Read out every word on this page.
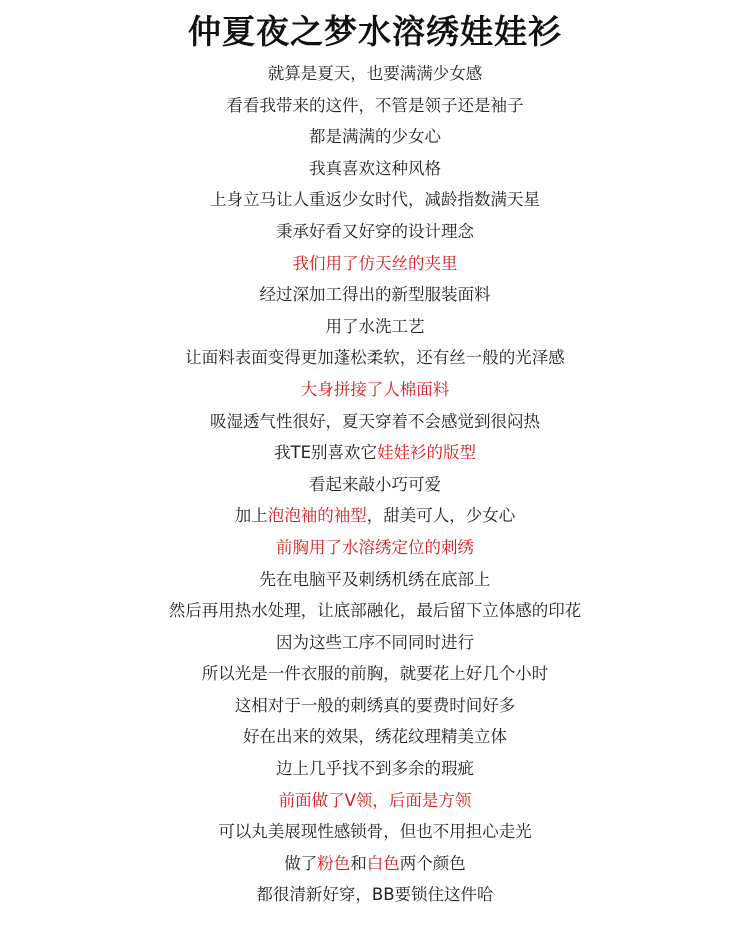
仲夏夜之梦水溶绣娃娃衫
就算是夏天，也要满满少女感
看看我带来的这件，不管是领子还是袖子
都是满满的少女心
我真喜欢这种风格
上身立马让人重返少女时代，减龄指数满天星
秉承好看又好穿的设计理念
我们用了仿天丝的夹里
经过深加工得出的新型服装面料
用了水洗工艺
让面料表面变得更加蓬松柔软，还有丝一般的光泽感
大身拼接了人棉面料
吸湿透气性很好，夏天穿着不会感觉到很闷热
我TE别喜欢它娃娃衫的版型
看起来敲小巧可爱
加上泡泡袖的袖型，甜美可人，少女心
前胸用了水溶绣定位的刺绣
先在电脑平及刺绣机绣在底部上
然后再用热水处理，让底部融化，最后留下立体感的印花
因为这些工序不同同时进行
所以光是一件衣服的前胸，就要花上好几个小时
这相对于一般的刺绣真的要费时间好多
好在出来的效果，绣花纹理精美立体
边上几乎找不到多余的瑕疵
前面做了V领，后面是方领
可以丸美展现性感锁骨，但也不用担心走光
做了粉色和白色两个颜色
都很清新好穿，BB要锁住这件哈
